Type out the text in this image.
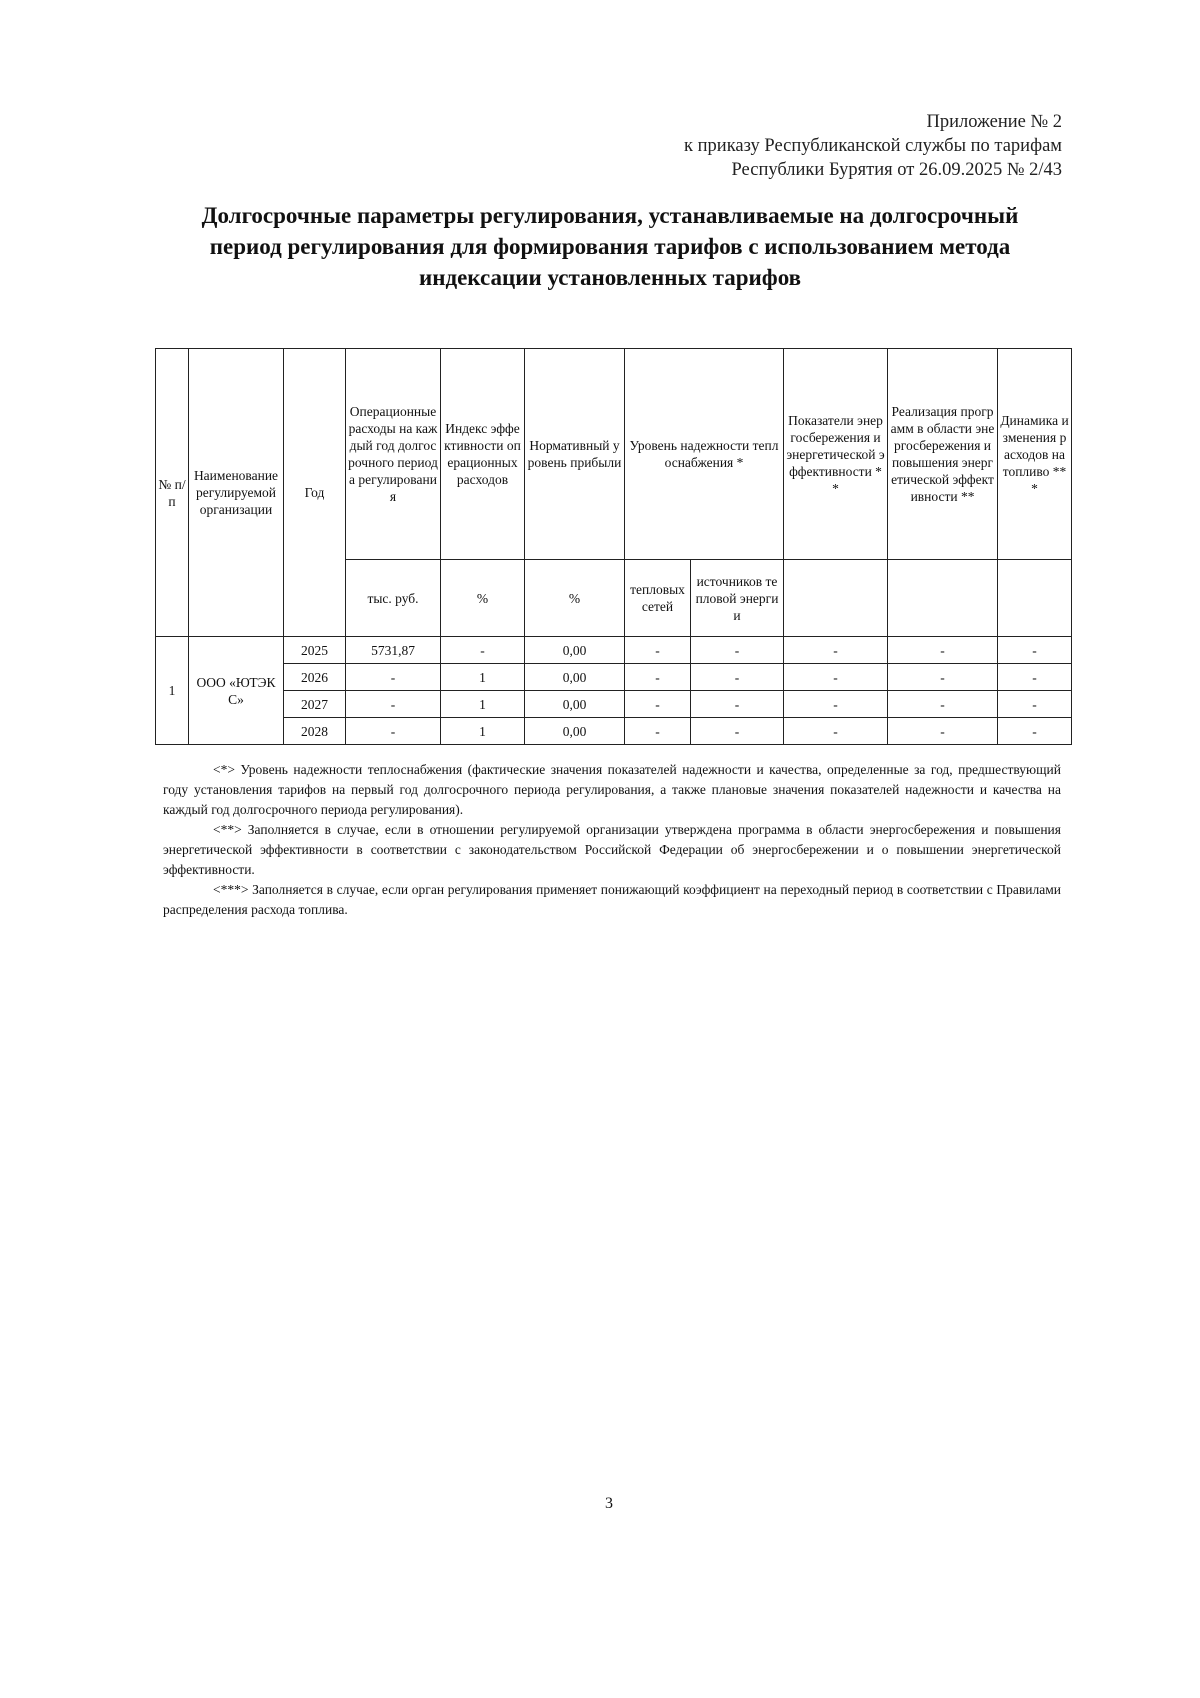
Приложение № 2
к приказу Республиканской службы по тарифам
Республики Бурятия от 26.09.2025 № 2/43
Долгосрочные параметры регулирования, устанавливаемые на долгосрочный период регулирования для формирования тарифов с использованием метода индексации установленных тарифов
№ п/п	Наименование регулируемой организации	Год	Операционные расходы на каждый год долгосрочного периода регулирования	Индекс эффективности операционных расходов	Нормативный уровень прибыли	Уровень надежности теплоснабжения *		Показатели энергосбережения и энергетической эффективности **	Реализация программ в области энергосбережения и повышения энергетической эффективности **	Динамика изменения расходов на топливо ***
			тыс. руб.	%	%	тепловых сетей	источников тепловой энергии			
1	ООО «ЮТЭКС»	2025	5731,87	-	0,00	-	-	-	-	-
		2026	-	1	0,00	-	-	-	-	-
		2027	-	1	0,00	-	-	-	-	-
		2028	-	1	0,00	-	-	-	-	-

<*> Уровень надежности теплоснабжения (фактические значения показателей надежности и качества, определенные за год, предшествующий году установления тарифов на первый год долгосрочного периода регулирования, а также плановые значения показателей надежности и качества на каждый год долгосрочного периода регулирования).

<**> Заполняется в случае, если в отношении регулируемой организации утверждена программа в области энергосбережения и повышения энергетической эффективности в соответствии с законодательством Российской Федерации об энергосбережении и о повышении энергетической эффективности.

<***> Заполняется в случае, если орган регулирования применяет понижающий коэффициент на переходный период в соответствии с Правилами распределения расхода топлива.

3
